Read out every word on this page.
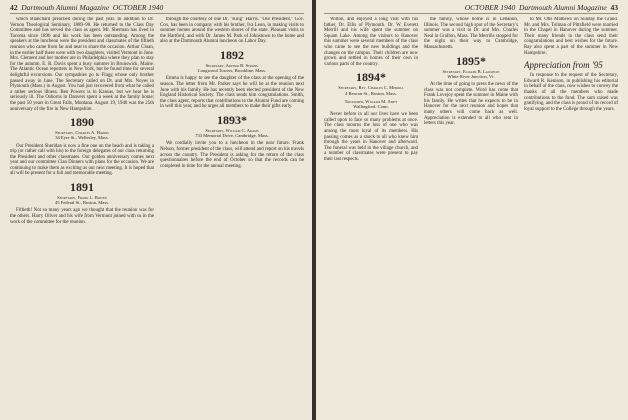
42 Dartmouth Alumni Magazine OCTOBER 1940

which Blanchard preached during the past year. In addition to Dr. Vernon Theological Seminary, 1889–90. He returned to the Class Day Committee and has served the class as agent. Mr. Sherman has lived in Tacoma since 1896 and his work has been outstanding. Among the speakers at the luncheon were the president and classmates of the fiftieth reunion who came from far and near to share the occasion. Arthur Cloan, in the earlier half there were with two daughters, visited Vermont in June. Mrs. Clement and her mother are in Philadelphia where they plan to stay for the autumn. E. R. Davis spent a busy summer in Brunswick, Maine. The Atlantic Ocean reporters in New York, but he found time for several delightful excursions. Our sympathies go to Flagg whose only brother passed away in June. The Secretary called on Dr. and Mrs. Noyes in Plymouth (Mass.) in August. You had just recovered from what he called a rather serious illness. Ben Powers is in Kansas, but we hear he is seriously ill. The Osborns in Danvers spent a week at the family home; the past 50 years in Great Falls, Montana. August 19, 1940 was the 25th anniversary of the fire in New Hampshire.

1890
Secretary, Charles A. Harris
34 Eyre St., Wellesley, Mass.

Our President Sheridan is now a fine one on the beach and is taking a trip (or rather call with his) to the foreign delegates of our class returning the President and other classmates. Our golden anniversary comes next year and our committee Clan Dinners with plans for the occasion. We are continuing to make them as exciting as our next meeting. It is hoped that all will be present for a full and memorable meeting.

1891
Secretary, Frank L. Bowen
45 Federal St., Boston, Mass.

Fiftieth! Not so many years ago we thought that the reunion was for the others. Harry Oliver and his wife from Vermont joined with us in the work of the committee for the reunion.

through the courtesy of one Dr. "King" Harris. "Our President." Gov. Cox, has been in company with his brother, Iva Leon, in making visits to summer homes around the western shores of the state. Pleasant visits to the Hartford, and with Dr. James M. Park of Johnstown to the home and also at the Dartmouth Alumni luncheon on Labor Day.

1892
Secretary, Arthur B. Strong
Longwood Towers, Brookline, Mass.

Emma is happy to see the daughter of the class at the opening of the season. The letter from Mr. Parker says he will be at the reunion next June with his family. He has recently been elected president of the New England Historical Society. The class sends him congratulations. Smith, the class agent, reports that contributions to the Alumni Fund are coming in well this year, and he urges all members to make their gifts early.

1893*
Secretary, William C. Adams
733 Memorial Drive, Cambridge, Mass.

We cordially invite you to a luncheon in the near future. Frank Nelson, former president of the class, will attend and report on his travels across the country. The President is asking for the return of the class questionnaires before the end of October so that the records can be completed in time for the annual meeting.

OCTOBER 1940 Dartmouth Alumni Magazine 43

Wilton, and enjoyed a long visit with his father, Dr. Ellis of Plymouth. Dr. W. Everett Merrill and his wife spent the summer on Squam Lake. Among the visitors to Hanover this summer were several members of the class who came to see the new buildings and the changes on the campus. Their children are now grown and settled in homes of their own in various parts of the country.

1894*
Secretary, Rev. Charles C. Merrill
4 Beacon St., Boston, Mass.
Treasurer, William M. Amey
Wallingford, Conn.

Never before in all our lives have we been called upon to face so many problems at once. The class mourns the loss of one who was among the most loyal of its members. His passing comes as a shock to all who knew him through the years in Hanover and afterward. The funeral was held in the village church, and a number of classmates were present to pay their last respects.

the family, whose home is in Lebanon, Illinois. The second high spot of the Secretary's summer was a visit to Dr. and Mrs. Charles Neal in Grafton, Mass. The Merrills stopped for the night on their way to Cambridge, Massachusetts.

1895*
Secretary, Eliakim B. Laughlin
White River Junction, Vt.

At the time of going to press the news of the class was not complete. Word has come that Frank Lovejoy spent the summer in Maine with his family. He writes that he expects to be in Hanover for the next reunion and hopes that many others will come back as well. Appreciation is extended to all who sent in letters this year.

to Mr. Otis Mathews on Sunday the Grand. Mr. and Mrs. Tolman of Pittsfield were married in the Chapel in Hanover during the summer. Their many friends in the class send their congratulations and best wishes for the future. Ray also spent a part of the summer in New Hampshire.

Appreciation from '95

In response to the request of the Secretary, Edward R. Kenison, in publishing his editorial in behalf of the class, now wishes to convey the thanks of all the members who made contributions to the fund. The sum raised was gratifying, and the class is proud of its record of loyal support to the College through the years.
